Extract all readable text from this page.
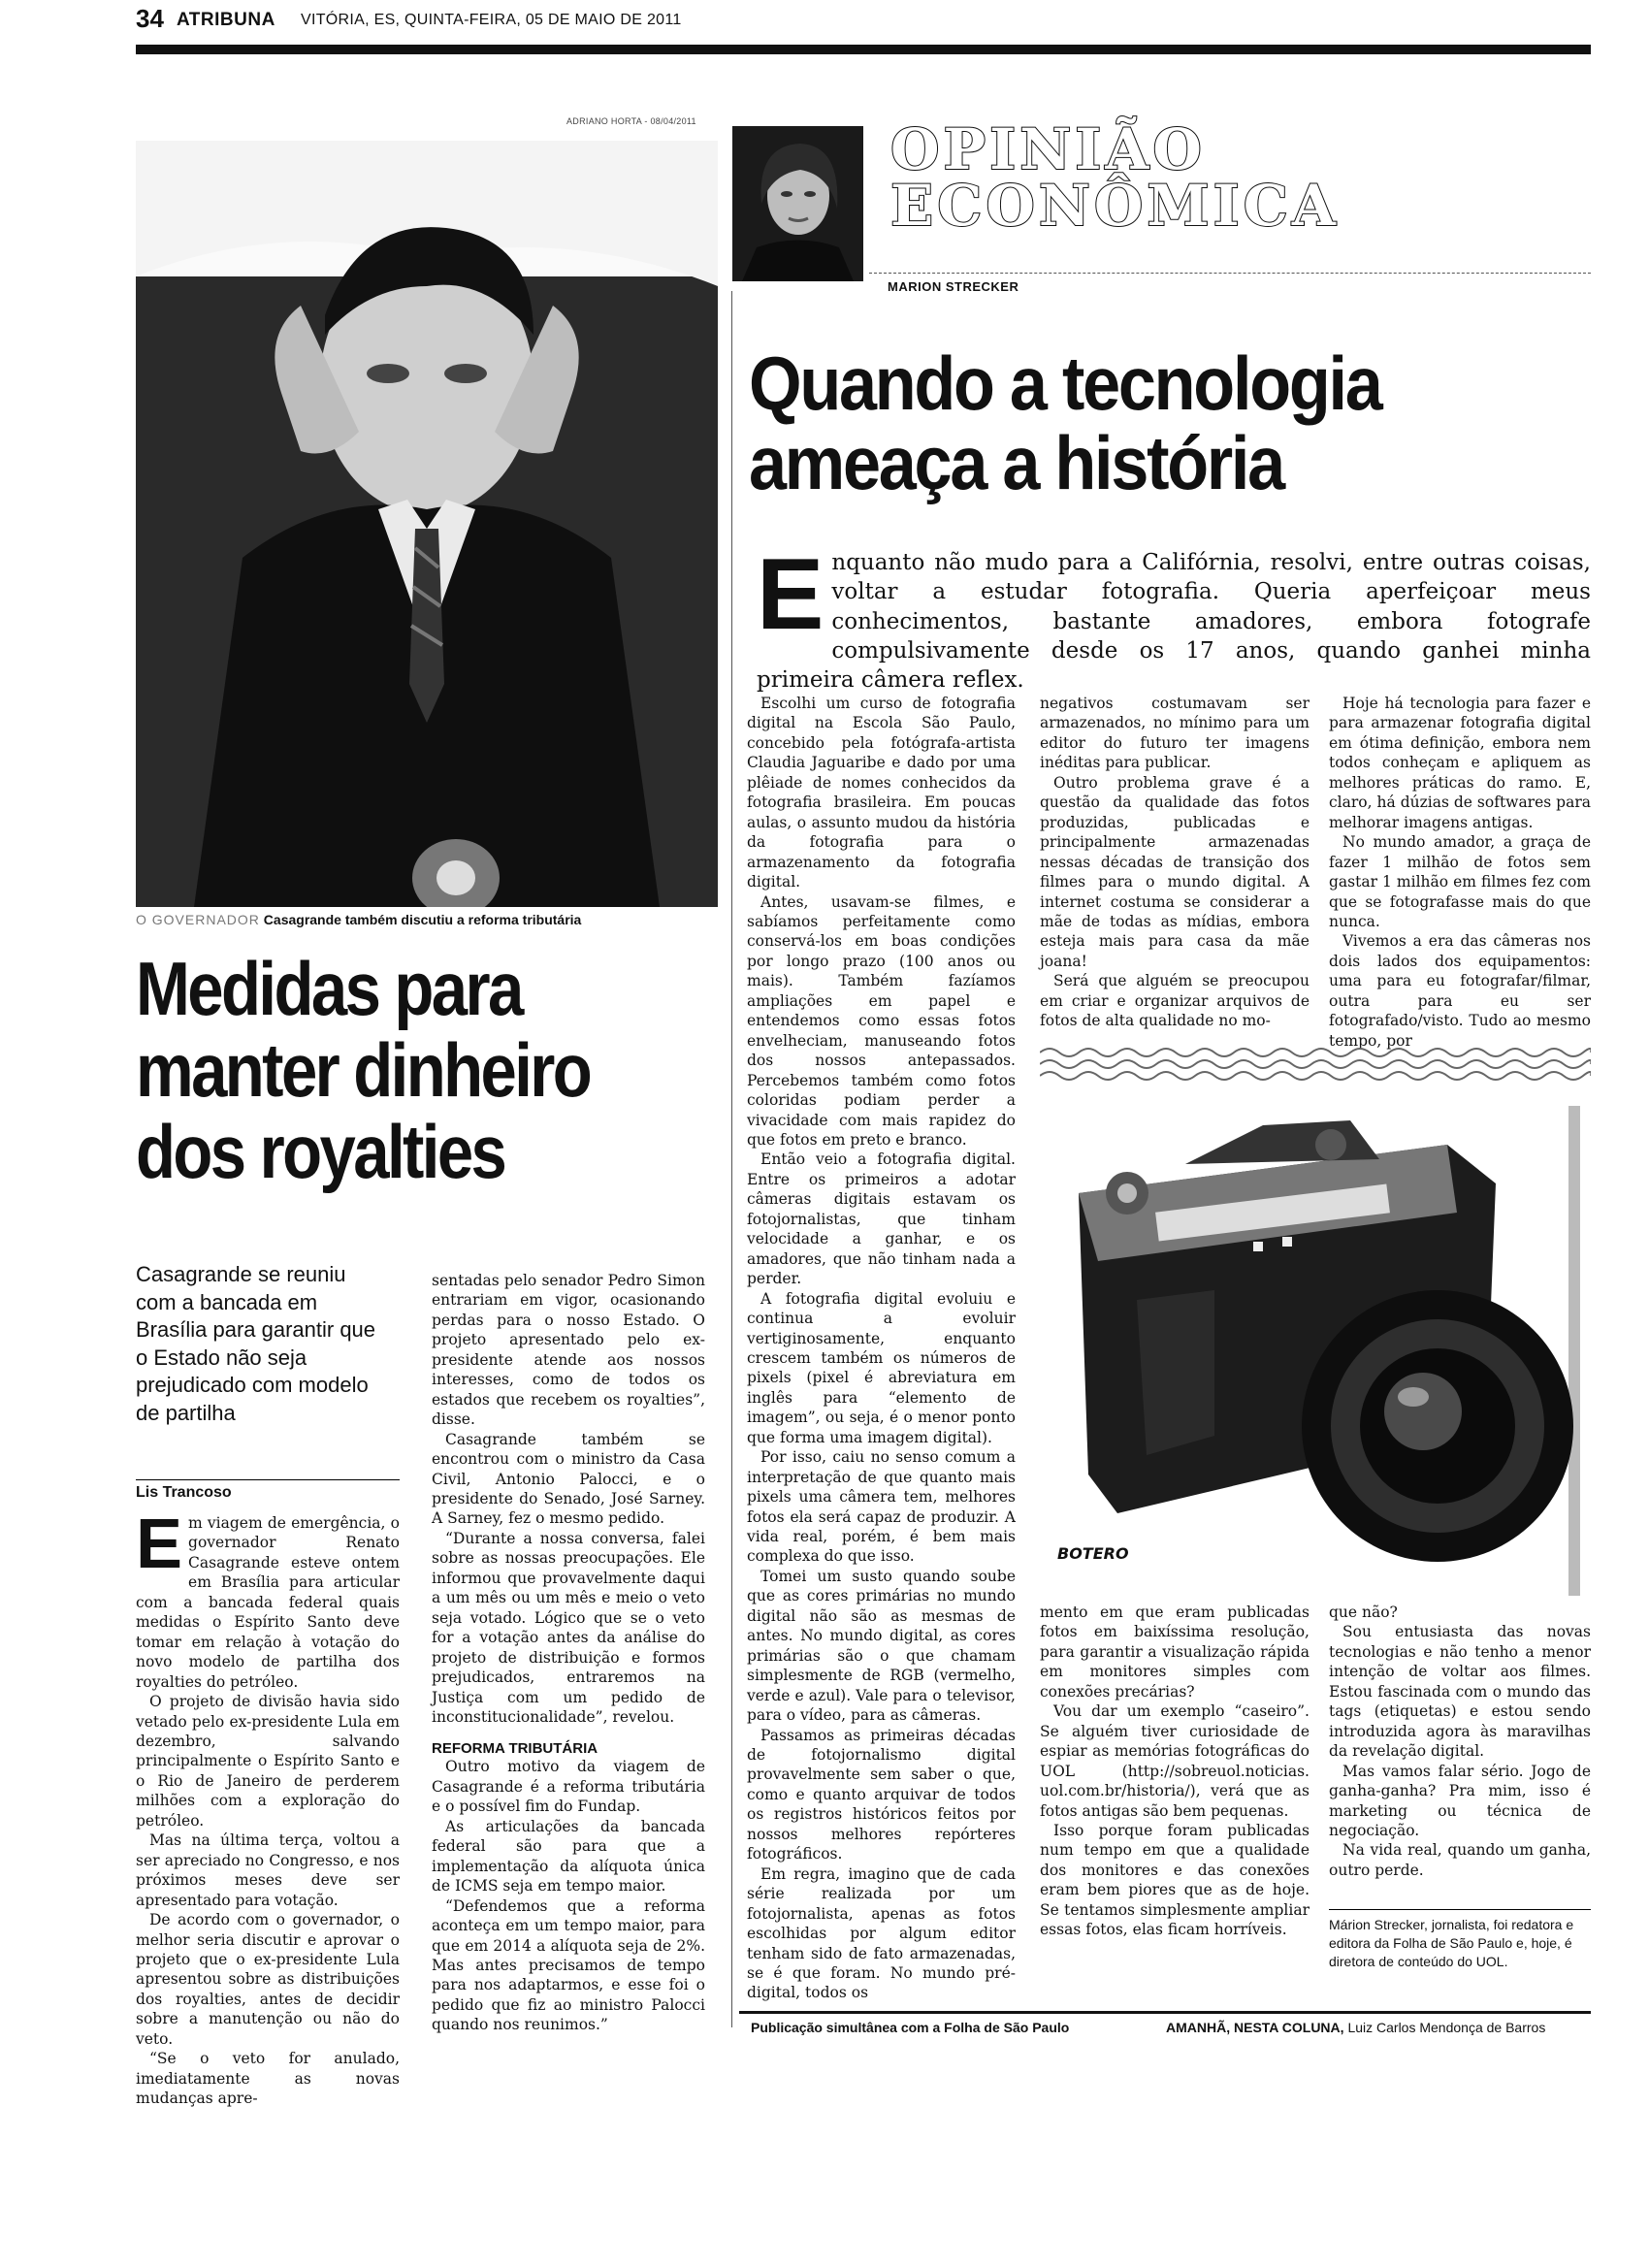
34 ATRIBUNA VITÓRIA, ES, QUINTA-FEIRA, 05 DE MAIO DE 2011
ADRIANO HORTA - 08/04/2011
O GOVERNADOR Casagrande também discutiu a reforma tributária
Medidas para
manter dinheiro
dos royalties
Casagrande se reuniu com a bancada em Brasília para garantir que o Estado não seja prejudicado com modelo de partilha
Lis Trancoso

Em viagem de emergência, o governador Renato Casagrande esteve ontem em Brasília para articular com a bancada federal quais medidas o Espírito Santo deve tomar em relação à votação do novo modelo de partilha dos royalties do petróleo.

O projeto de divisão havia sido vetado pelo ex-presidente Lula em dezembro, salvando principalmente o Espírito Santo e o Rio de Janeiro de perderem milhões com a exploração do petróleo.

Mas na última terça, voltou a ser apreciado no Congresso, e nos próximos meses deve ser apresentado para votação.

De acordo com o governador, o melhor seria discutir e aprovar o projeto que o ex-presidente Lula apresentou sobre as distribuições dos royalties, antes de decidir sobre a manutenção ou não do veto.

“Se o veto for anulado, imediatamente as novas mudanças apre-

sentadas pelo senador Pedro Simon entrariam em vigor, ocasionando perdas para o nosso Estado. O projeto apresentado pelo ex-presidente atende aos nossos interesses, como de todos os estados que recebem os royalties”, disse.

Casagrande também se encontrou com o ministro da Casa Civil, Antonio Palocci, e o presidente do Senado, José Sarney. A Sarney, fez o mesmo pedido.

“Durante a nossa conversa, falei sobre as nossas preocupações. Ele informou que provavelmente daqui a um mês ou um mês e meio o veto seja votado. Lógico que se o veto for a votação antes da análise do projeto de distribuição e formos prejudicados, entraremos na Justiça com um pedido de inconstitucionalidade”, revelou.

REFORMA TRIBUTÁRIA

Outro motivo da viagem de Casagrande é a reforma tributária e o possível fim do Fundap.

As articulações da bancada federal são para que a implementação da alíquota única de ICMS seja em tempo maior.

“Defendemos que a reforma aconteça em um tempo maior, para que em 2014 a alíquota seja de 2%. Mas antes precisamos de tempo para nos adaptarmos, e esse foi o pedido que fiz ao ministro Palocci quando nos reunimos.”

OPINIÃO
ECONÔMICA
MARION STRECKER
Quando a tecnologia
ameaça a história
Enquanto não mudo para a Califórnia, resolvi, entre outras coisas, voltar a estudar fotografia. Queria aperfeiçoar meus conhecimentos, bastante amadores, embora fotografe compulsivamente desde os 17 anos, quando ganhei minha primeira câmera reflex.

Escolhi um curso de fotografia digital na Escola São Paulo, concebido pela fotógrafa-artista Claudia Jaguaribe e dado por uma plêiade de nomes conhecidos da fotografia brasileira. Em poucas aulas, o assunto mudou da história da fotografia para o armazenamento da fotografia digital.

Antes, usavam-se filmes, e sabíamos perfeitamente como conservá-los em boas condições por longo prazo (100 anos ou mais). Também fazíamos ampliações em papel e entendemos como essas fotos envelheciam, manuseando fotos dos nossos antepassados. Percebemos também como fotos coloridas podiam perder a vivacidade com mais rapidez do que fotos em preto e branco.

Então veio a fotografia digital. Entre os primeiros a adotar câmeras digitais estavam os fotojornalistas, que tinham velocidade a ganhar, e os amadores, que não tinham nada a perder.

A fotografia digital evoluiu e continua a evoluir vertiginosamente, enquanto crescem também os números de pixels (pixel é abreviatura em inglês para “elemento de imagem”, ou seja, é o menor ponto que forma uma imagem digital).

Por isso, caiu no senso comum a interpretação de que quanto mais pixels uma câmera tem, melhores fotos ela será capaz de produzir. A vida real, porém, é bem mais complexa do que isso.

Tomei um susto quando soube que as cores primárias no mundo digital não são as mesmas de antes. No mundo digital, as cores primárias são o que chamam simplesmente de RGB (vermelho, verde e azul). Vale para o televisor, para o vídeo, para as câmeras.

Passamos as primeiras décadas de fotojornalismo digital provavelmente sem saber o que, como e quanto arquivar de todos os registros históricos feitos por nossos melhores repórteres fotográficos.

Em regra, imagino que de cada série realizada por um fotojornalista, apenas as fotos escolhidas por algum editor tenham sido de fato armazenadas, se é que foram. No mundo pré-digital, todos os

negativos costumavam ser armazenados, no mínimo para um editor do futuro ter imagens inéditas para publicar.

Outro problema grave é a questão da qualidade das fotos produzidas, publicadas e principalmente armazenadas nessas décadas de transição dos filmes para o mundo digital. A internet costuma se considerar a mãe de todas as mídias, embora esteja mais para casa da mãe joana!

Será que alguém se preocupou em criar e organizar arquivos de fotos de alta qualidade no mo-

Hoje há tecnologia para fazer e para armazenar fotografia digital em ótima definição, embora nem todos conheçam e apliquem as melhores práticas do ramo. E, claro, há dúzias de softwares para melhorar imagens antigas.

No mundo amador, a graça de fazer 1 milhão de fotos sem gastar 1 milhão em filmes fez com que se fotografasse mais do que nunca.

Vivemos a era das câmeras nos dois lados dos equipamentos: uma para eu fotografar/filmar, outra para eu ser fotografado/visto. Tudo ao mesmo tempo, por

BOTERO

mento em que eram publicadas fotos em baixíssima resolução, para garantir a visualização rápida em monitores simples com conexões precárias?

Vou dar um exemplo “caseiro”. Se alguém tiver curiosidade de espiar as memórias fotográficas do UOL (http://sobreuol.noticias. uol.com.br/historia/), verá que as fotos antigas são bem pequenas.

Isso porque foram publicadas num tempo em que a qualidade dos monitores e das conexões eram bem piores que as de hoje. Se tentamos simplesmente ampliar essas fotos, elas ficam horríveis.

que não?

Sou entusiasta das novas tecnologias e não tenho a menor intenção de voltar aos filmes. Estou fascinada com o mundo das tags (etiquetas) e estou sendo introduzida agora às maravilhas da revelação digital.

Mas vamos falar sério. Jogo de ganha-ganha? Pra mim, isso é marketing ou técnica de negociação.

Na vida real, quando um ganha, outro perde.

Márion Strecker, jornalista, foi redatora e editora da Folha de São Paulo e, hoje, é diretora de conteúdo do UOL.
Publicação simultânea com a Folha de São Paulo	AMANHÃ, NESTA COLUNA, Luiz Carlos Mendonça de Barros
